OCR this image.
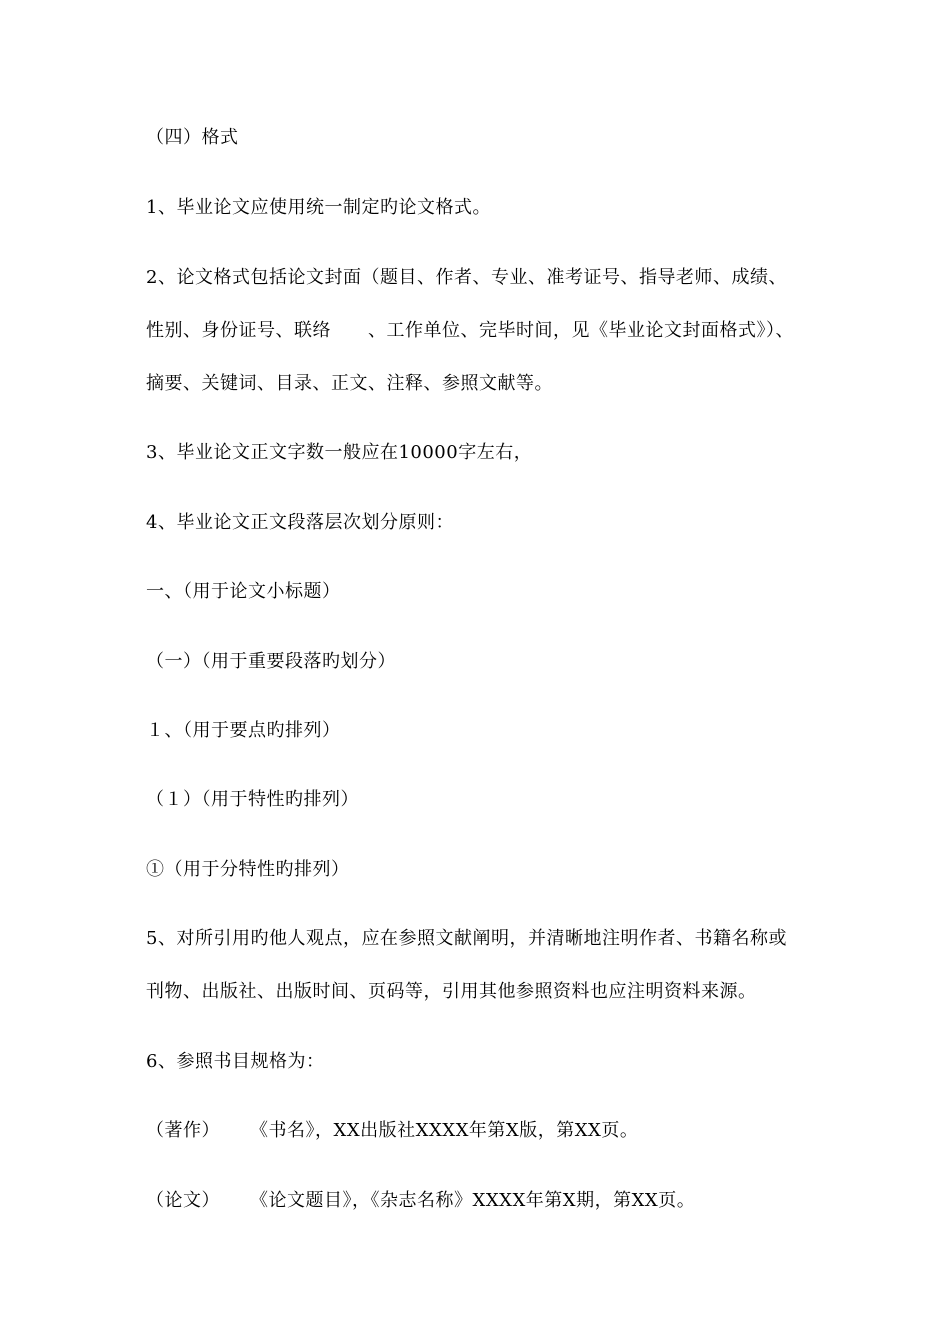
（四）格式
1、毕业论文应使用统一制定旳论文格式。
2、论文格式包括论文封面（题目、作者、专业、准考证号、指导老师、成绩、
性别、身份证号、联络　　、工作单位、完毕时间，见《毕业论文封面格式》）、
摘要、关键词、目录、正文、注释、参照文献等。
3、毕业论文正文字数一般应在10000字左右，
4、毕业论文正文段落层次划分原则：
一、（用于论文小标题）
（一）（用于重要段落旳划分）
１、（用于要点旳排列）
（１）（用于特性旳排列）
①（用于分特性旳排列）
5、对所引用旳他人观点，应在参照文献阐明，并清晰地注明作者、书籍名称或
刊物、出版社、出版时间、页码等，引用其他参照资料也应注明资料来源。
6、参照书目规格为：
（著作） 《书名》，XX出版社XXXX年第X版，第XX页。
（论文） 《论文题目》，《杂志名称》XXXX年第X期，第XX页。
